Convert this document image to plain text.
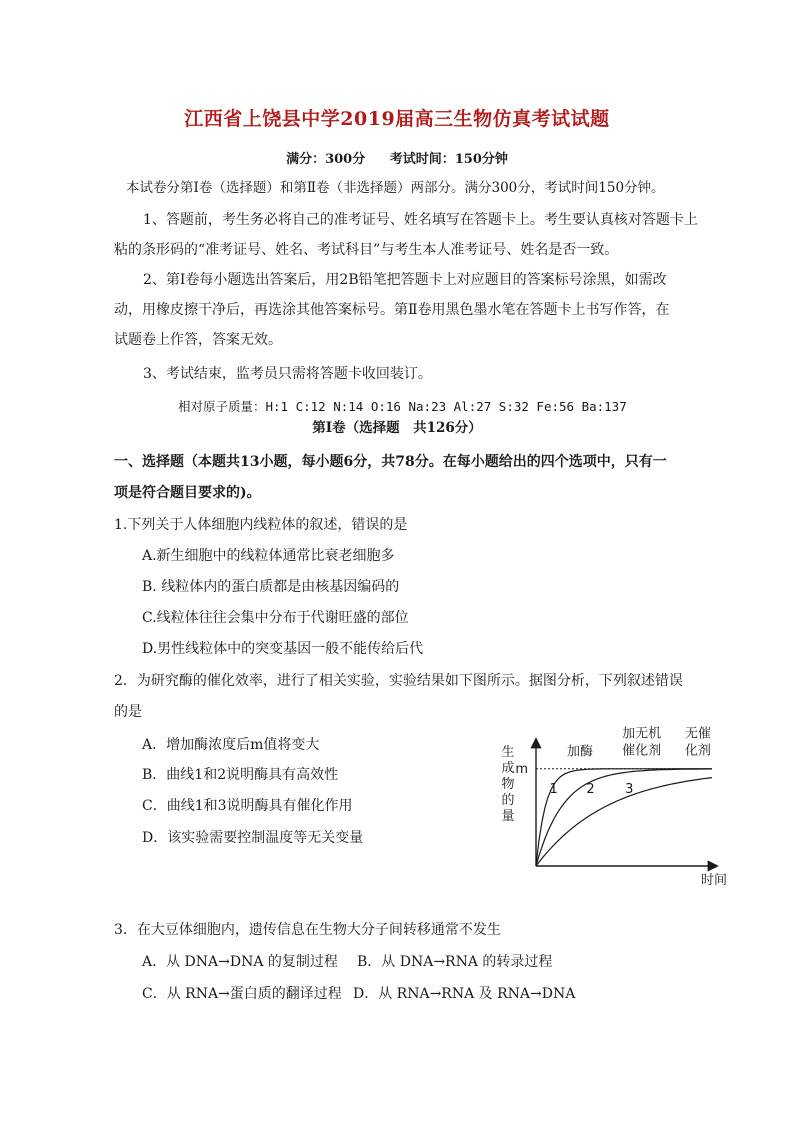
江西省上饶县中学2019届高三生物仿真考试试题
满分：300分 考试时间：150分钟
本试卷分第Ⅰ卷（选择题）和第Ⅱ卷（非选择题）两部分。满分300分，考试时间150分钟。
1、答题前，考生务必将自己的准考证号、姓名填写在答题卡上。考生要认真核对答题卡上
粘的条形码的“准考证号、姓名、考试科目”与考生本人准考证号、姓名是否一致。
2、第Ⅰ卷每小题选出答案后，用2B铅笔把答题卡上对应题目的答案标号涂黑，如需改
动，用橡皮擦干净后，再选涂其他答案标号。第Ⅱ卷用黑色墨水笔在答题卡上书写作答，在
试题卷上作答，答案无效。
3、考试结束，监考员只需将答题卡收回装订。
相对原子质量：H:1 C:12 N:14 O:16 Na:23 Al:27 S:32 Fe:56 Ba:137
第Ⅰ卷（选择题　共126分）
一、选择题（本题共13小题，每小题6分，共78分。在每小题给出的四个选项中，只有一
项是符合题目要求的)。
1.下列关于人体细胞内线粒体的叙述，错误的是
A.新生细胞中的线粒体通常比衰老细胞多
B. 线粒体内的蛋白质都是由核基因编码的
C.线粒体往往会集中分布于代谢旺盛的部位
D.男性线粒体中的突变基因一般不能传给后代
2．为研究酶的催化效率，进行了相关实验，实验结果如下图所示。据图分析，下列叙述错误
的是
A．增加酶浓度后m值将变大
B．曲线1和2说明酶具有高效性
C．曲线1和3说明酶具有催化作用
D．该实验需要控制温度等无关变量
生
成
物
的
量
时间
m
1
加酶
2
加无机
催化剂
3
无催
化剂
3．在大豆体细胞内，遗传信息在生物大分子间转移通常不发生
A．从 DNA→DNA 的复制过程 B．从 DNA→RNA 的转录过程
C．从 RNA→蛋白质的翻译过程 D．从 RNA→RNA 及 RNA→DNA
